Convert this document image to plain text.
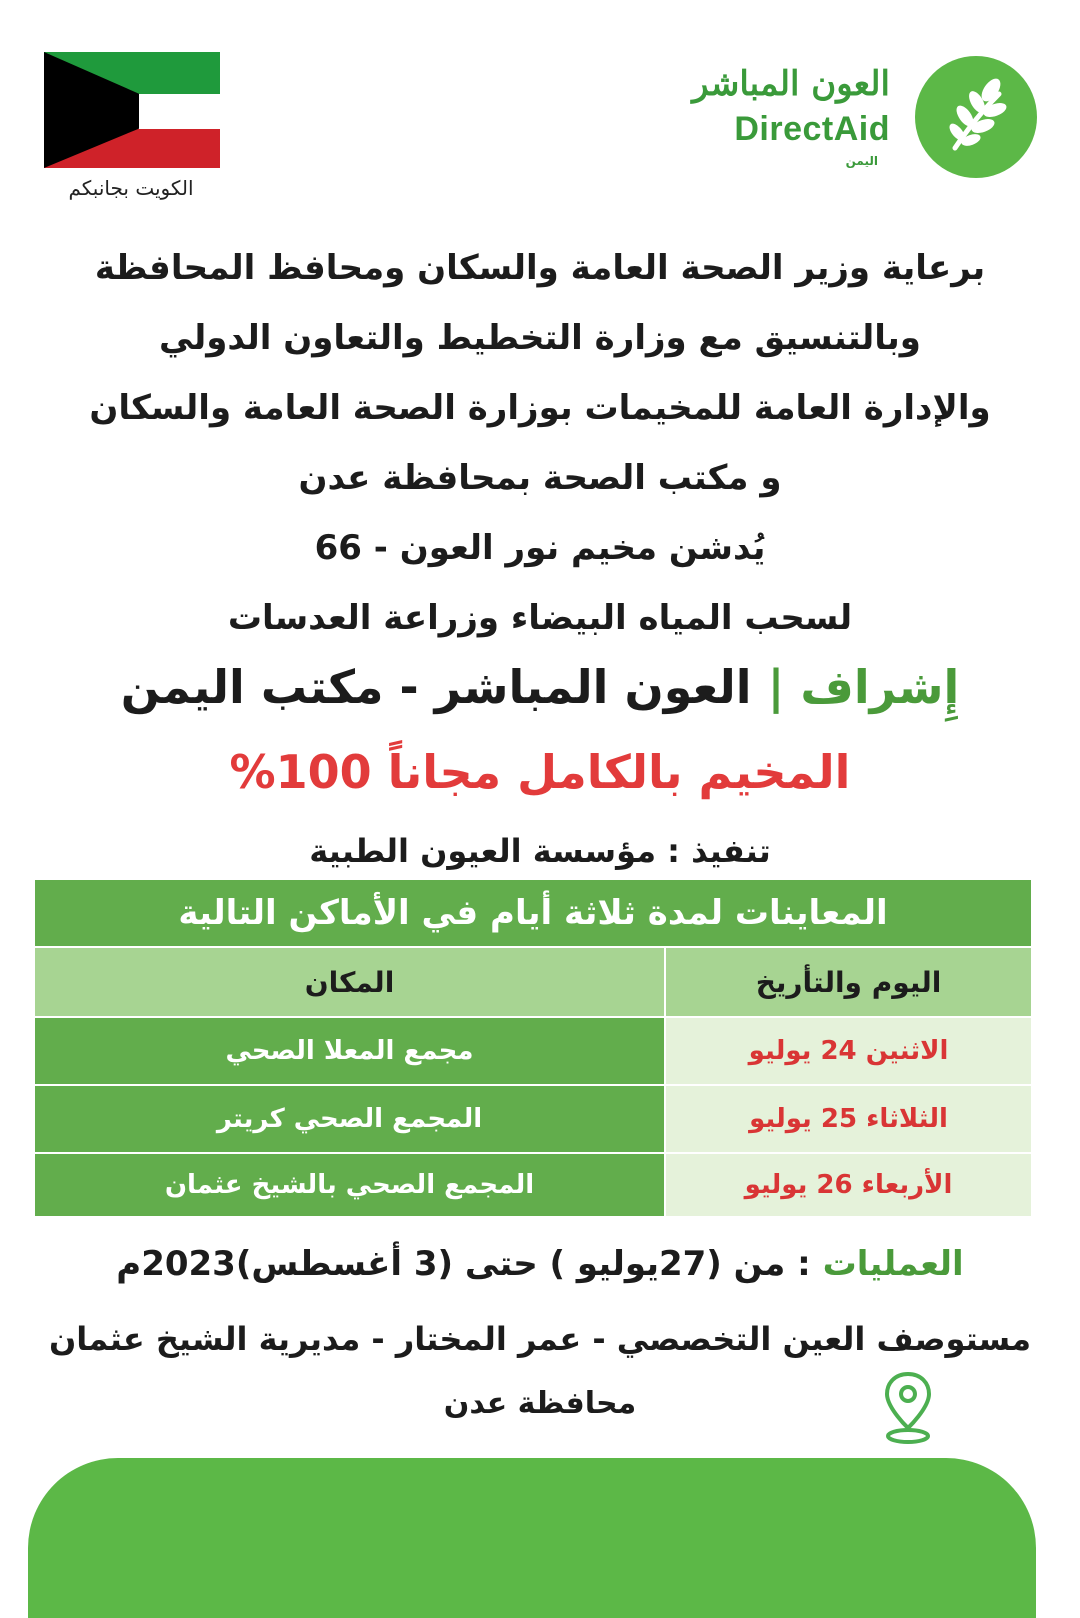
الكويت بجانبكم
العون المباشر
DirectAid
اليمن
برعاية وزير الصحة العامة والسكان ومحافظ المحافظة
وبالتنسيق مع وزارة التخطيط والتعاون الدولي
والإدارة العامة للمخيمات بوزارة الصحة العامة والسكان
و مكتب الصحة بمحافظة عدن
يُدشن مخيم نور العون - 66
لسحب المياه البيضاء وزراعة العدسات
إِشراف | العون المباشر - مكتب اليمن
المخيم بالكامل مجاناً 100%
تنفيذ : مؤسسة العيون الطبية
المعاينات لمدة ثلاثة أيام في الأماكن التالية
اليوم والتأريخ
المكان
الاثنين 24 يوليو
مجمع المعلا الصحي
الثلاثاء 25 يوليو
المجمع الصحي كريتر
الأربعاء 26 يوليو
المجمع الصحي بالشيخ عثمان
العمليات : من (27يوليو ) حتى (3 أغسطس)2023م
مستوصف العين التخصصي - عمر المختار - مديرية الشيخ عثمان
محافظة عدن
